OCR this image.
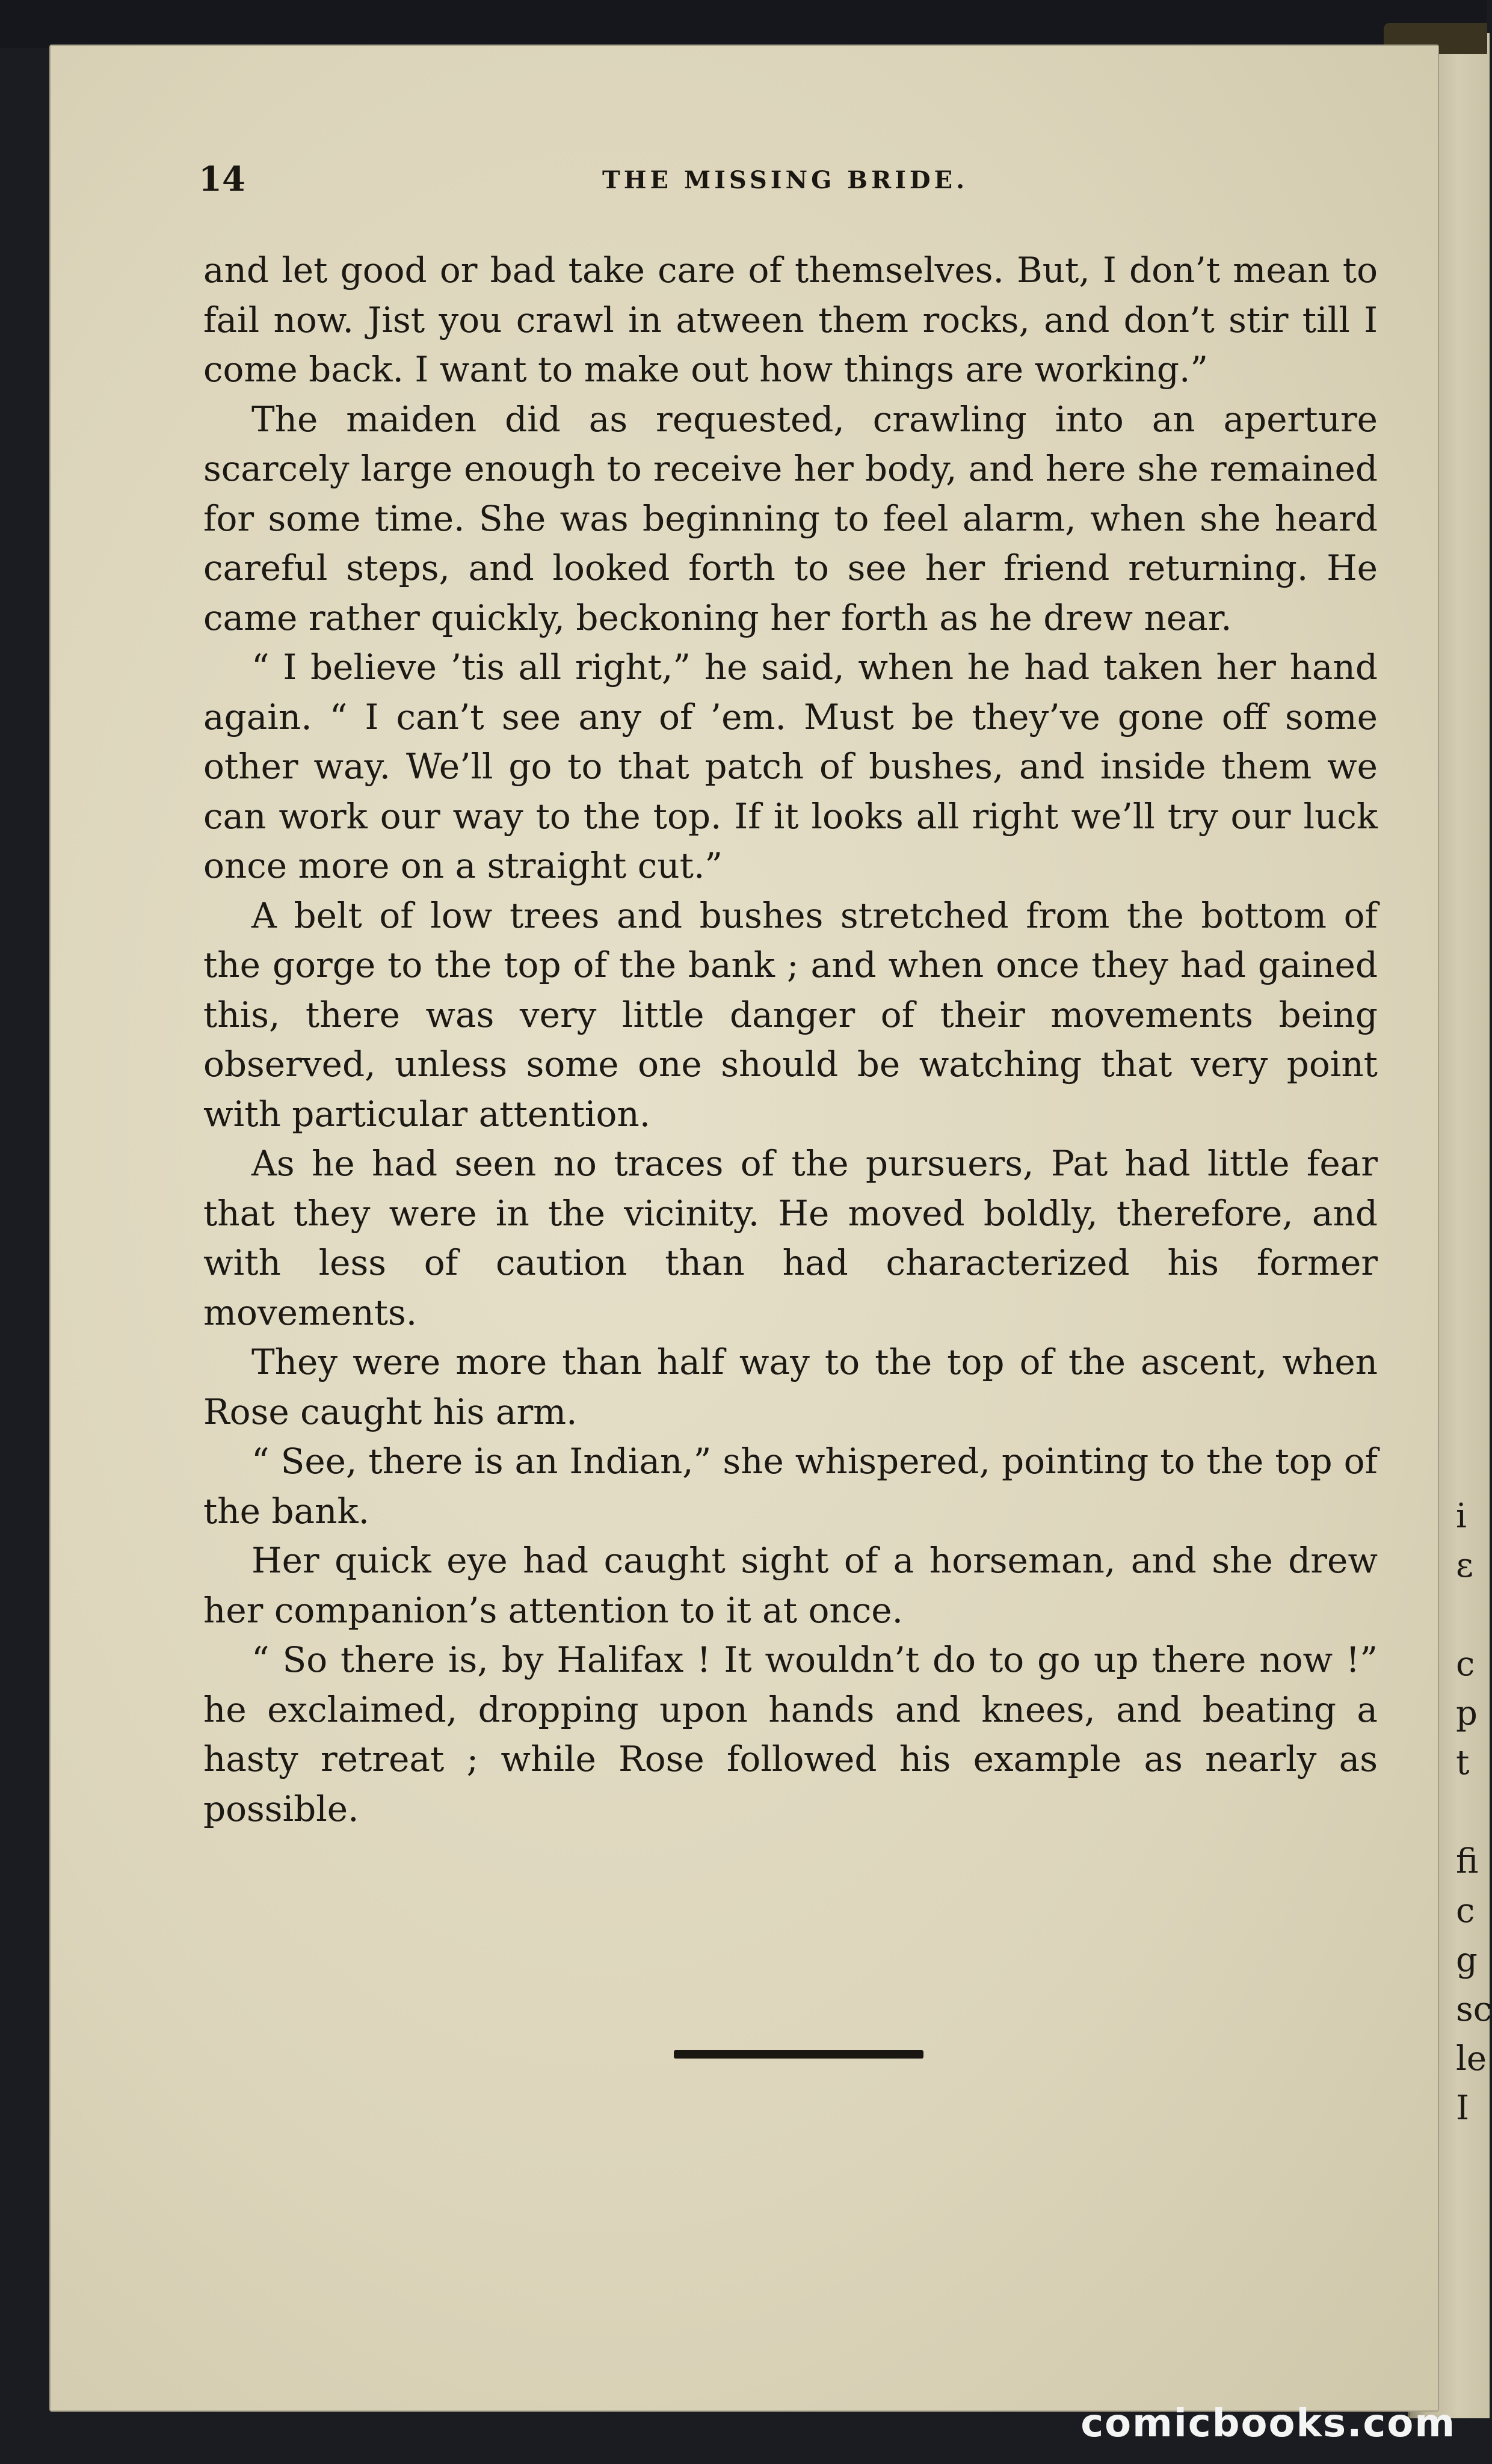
14	THE MISSING BRIDE.

and let good or bad take care of themselves. But, I don’t mean to fail now. Jist you crawl in atween them rocks, and don’t stir till I come back. I want to make out how things are working.”

The maiden did as requested, crawling into an aperture scarcely large enough to receive her body, and here she remained for some time. She was beginning to feel alarm, when she heard careful steps, and looked forth to see her friend returning. He came rather quickly, beckoning her forth as he drew near.

“ I believe ’tis all right,” he said, when he had taken her hand again. “ I can’t see any of ’em. Must be they’ve gone off some other way. We’ll go to that patch of bushes, and inside them we can work our way to the top. If it looks all right we’ll try our luck once more on a straight cut.”

A belt of low trees and bushes stretched from the bottom of the gorge to the top of the bank ; and when once they had gained this, there was very little danger of their movements being observed, unless some one should be watching that very point with particular attention.

As he had seen no traces of the pursuers, Pat had little fear that they were in the vicinity. He moved boldly, therefore, and with less of caution than had characterized his former movements.

They were more than half way to the top of the ascent, when Rose caught his arm.

“ See, there is an Indian,” she whispered, pointing to the top of the bank.

Her quick eye had caught sight of a horseman, and she drew her companion’s attention to it at once.

“ So there is, by Halifax ! It wouldn’t do to go up there now !” he exclaimed, dropping upon hands and knees, and beating a hasty retreat ; while Rose followed his example as nearly as possible.

i
ε

c
p
t

fi
c
g
sc
le
I
comicbooks.com
